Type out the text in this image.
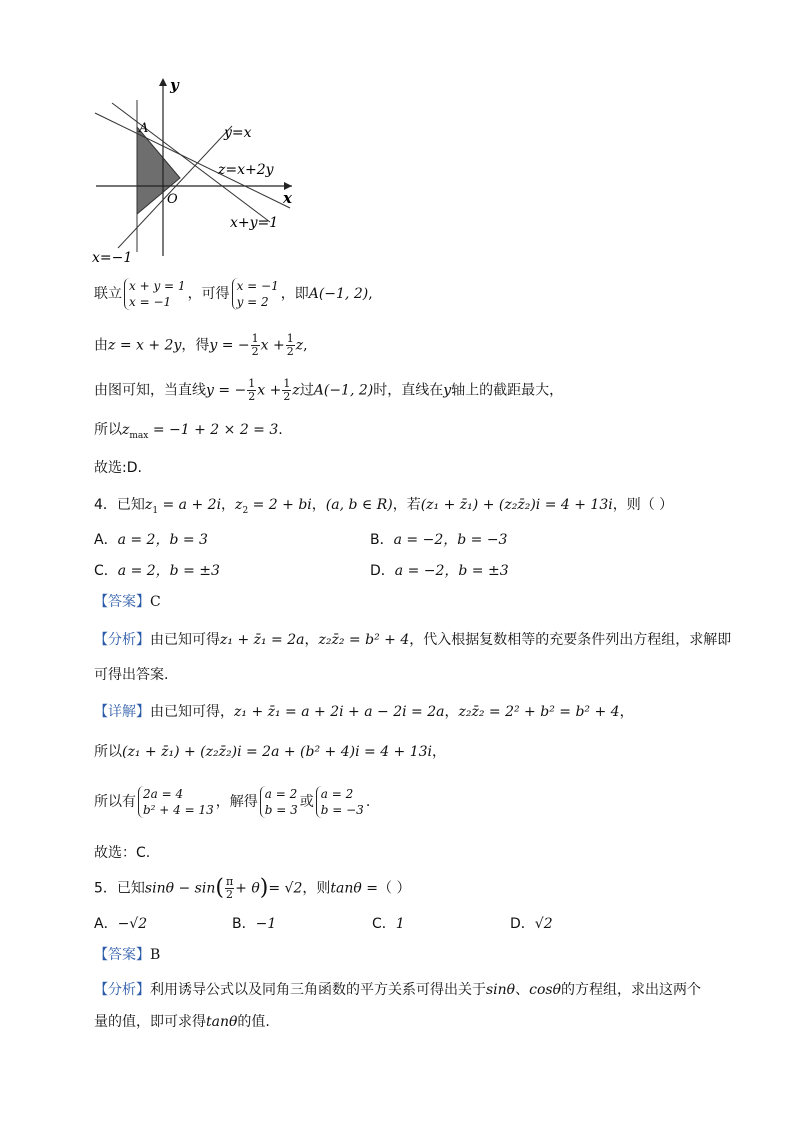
y
x
A
O
y=x
z=x+2y
x+y=1
x=−1
联立 x + y = 1
x = −1	，可得 x = −1
y = 2 ，即A(−1, 2),
由z = x + 2y，得y = − $\frac{1}{2}$ $x + \frac{1}{2} z$,
由图可知，当直线y = − $\frac{1}{2}$ $x + \frac{1}{2}$ z过A(−1, 2)时，直线在y轴上的截距最大，
所以$z_{max} = -1 + 2 \times 2 = 3$.
故选:D.
4．已知$z_1 = a + 2i$，$z_2 = 2$ + bi，(a, b ∈ R)，若(z₁ + z̄₁) + (z₂z̄₂)i = 4 + 13i，则（ ）
A．a = 2，b = 3	B．a = −2，b = −3
C．a = 2，b = ±3	D．a = −2，b = ±3
【答案】C
【分析】由已知可得z₁ + z̄₁ = 2a，z₂z̄₂ = b² + 4，代入根据复数相等的充要条件列出方程组，求解即
可得出答案.
【详解】由已知可得，z₁ + z̄₁ = a + 2i + a − 2i = 2a，z₂z̄₂ = 2² + b² = b² + 4，
所以(z₁ + z̄₁) + (z₂z̄₂)i = 2a + (b² + 4)i = 4 + 13i，
所以有 2a = 4
b² + 4 = 13 ，解得 a = 2
b = 3 或 a = 2
b = −3 .
故选：C.
5．已知$\sin\theta - \sin( \frac{\pi}{2} + \theta)= √2$，则tanθ =（ ）
A．−√2	B．−1	C．1	D．√2
【答案】B
【分析】利用诱导公式以及同角三角函数的平方关系可得出关于sinθ、cosθ的方程组，求出这两个
量的值，即可求得tanθ的值.
